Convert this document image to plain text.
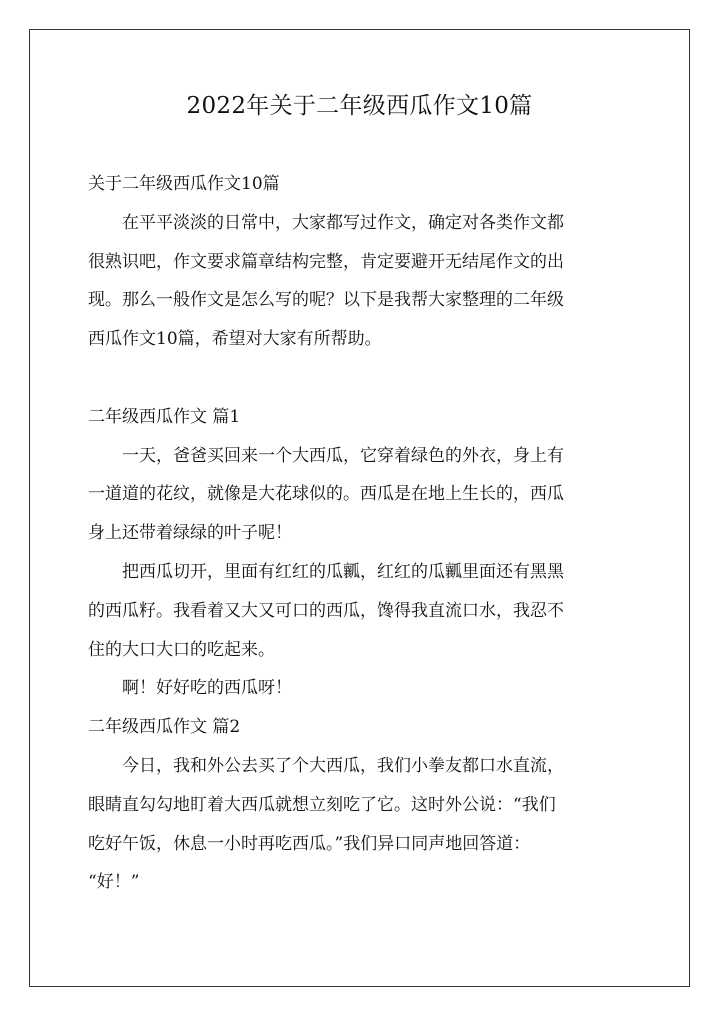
2022年关于二年级西瓜作文10篇
关于二年级西瓜作文10篇
在平平淡淡的日常中，大家都写过作文，确定对各类作文都
很熟识吧，作文要求篇章结构完整，肯定要避开无结尾作文的出
现。那么一般作文是怎么写的呢？以下是我帮大家整理的二年级
西瓜作文10篇，希望对大家有所帮助。
二年级西瓜作文 篇1
一天，爸爸买回来一个大西瓜，它穿着绿色的外衣，身上有
一道道的花纹，就像是大花球似的。西瓜是在地上生长的，西瓜
身上还带着绿绿的叶子呢！
把西瓜切开，里面有红红的瓜瓤，红红的瓜瓤里面还有黑黑
的西瓜籽。我看着又大又可口的西瓜，馋得我直流口水，我忍不
住的大口大口的吃起来。
啊！好好吃的西瓜呀！
二年级西瓜作文 篇2
今日，我和外公去买了个大西瓜，我们小拳友都口水直流，
眼睛直勾勾地盯着大西瓜就想立刻吃了它。这时外公说：“我们
吃好午饭，休息一小时再吃西瓜。”我们异口同声地回答道：
“好！”
